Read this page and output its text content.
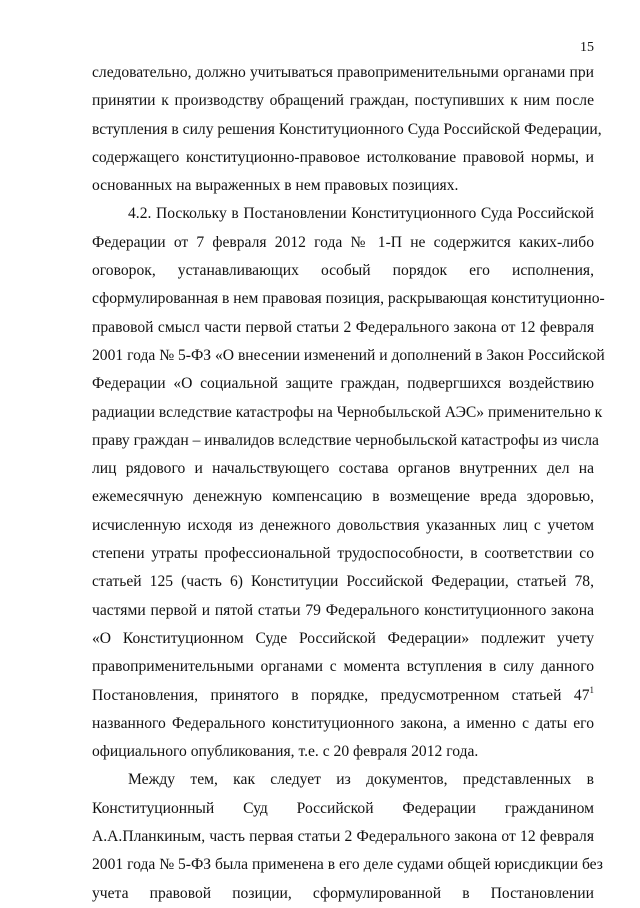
15
следовательно, должно учитываться правоприменительными органами при
принятии к производству обращений граждан, поступивших к ним после
вступления в силу решения Конституционного Суда Российской Федерации,
содержащего конституционно-правовое истолкование правовой нормы, и
основанных на выраженных в нем правовых позициях.
4.2. Поскольку в Постановлении Конституционного Суда Российской
Федерации от 7 февраля 2012 года № 1-П не содержится каких-либо
оговорок, устанавливающих особый порядок его исполнения,
сформулированная в нем правовая позиция, раскрывающая конституционно-
правовой смысл части первой статьи 2 Федерального закона от 12 февраля
2001 года № 5-ФЗ «О внесении изменений и дополнений в Закон Российской
Федерации «О социальной защите граждан, подвергшихся воздействию
радиации вследствие катастрофы на Чернобыльской АЭС» применительно к
праву граждан – инвалидов вследствие чернобыльской катастрофы из числа
лиц рядового и начальствующего состава органов внутренних дел на
ежемесячную денежную компенсацию в возмещение вреда здоровью,
исчисленную исходя из денежного довольствия указанных лиц с учетом
степени утраты профессиональной трудоспособности, в соответствии со
статьей 125 (часть 6) Конституции Российской Федерации, статьей 78,
частями первой и пятой статьи 79 Федерального конституционного закона
«О Конституционном Суде Российской Федерации» подлежит учету
правоприменительными органами с момента вступления в силу данного
Постановления, принятого в порядке, предусмотренном статьей $47^1$
названного Федерального конституционного закона, а именно с даты его
официального опубликования, т.е. с 20 февраля 2012 года.
Между тем, как следует из документов, представленных в
Конституционный Суд Российской Федерации гражданином
А.А.Планкиным, часть первая статьи 2 Федерального закона от 12 февраля
2001 года № 5-ФЗ была применена в его деле судами общей юрисдикции без
учета правовой позиции, сформулированной в Постановлении
